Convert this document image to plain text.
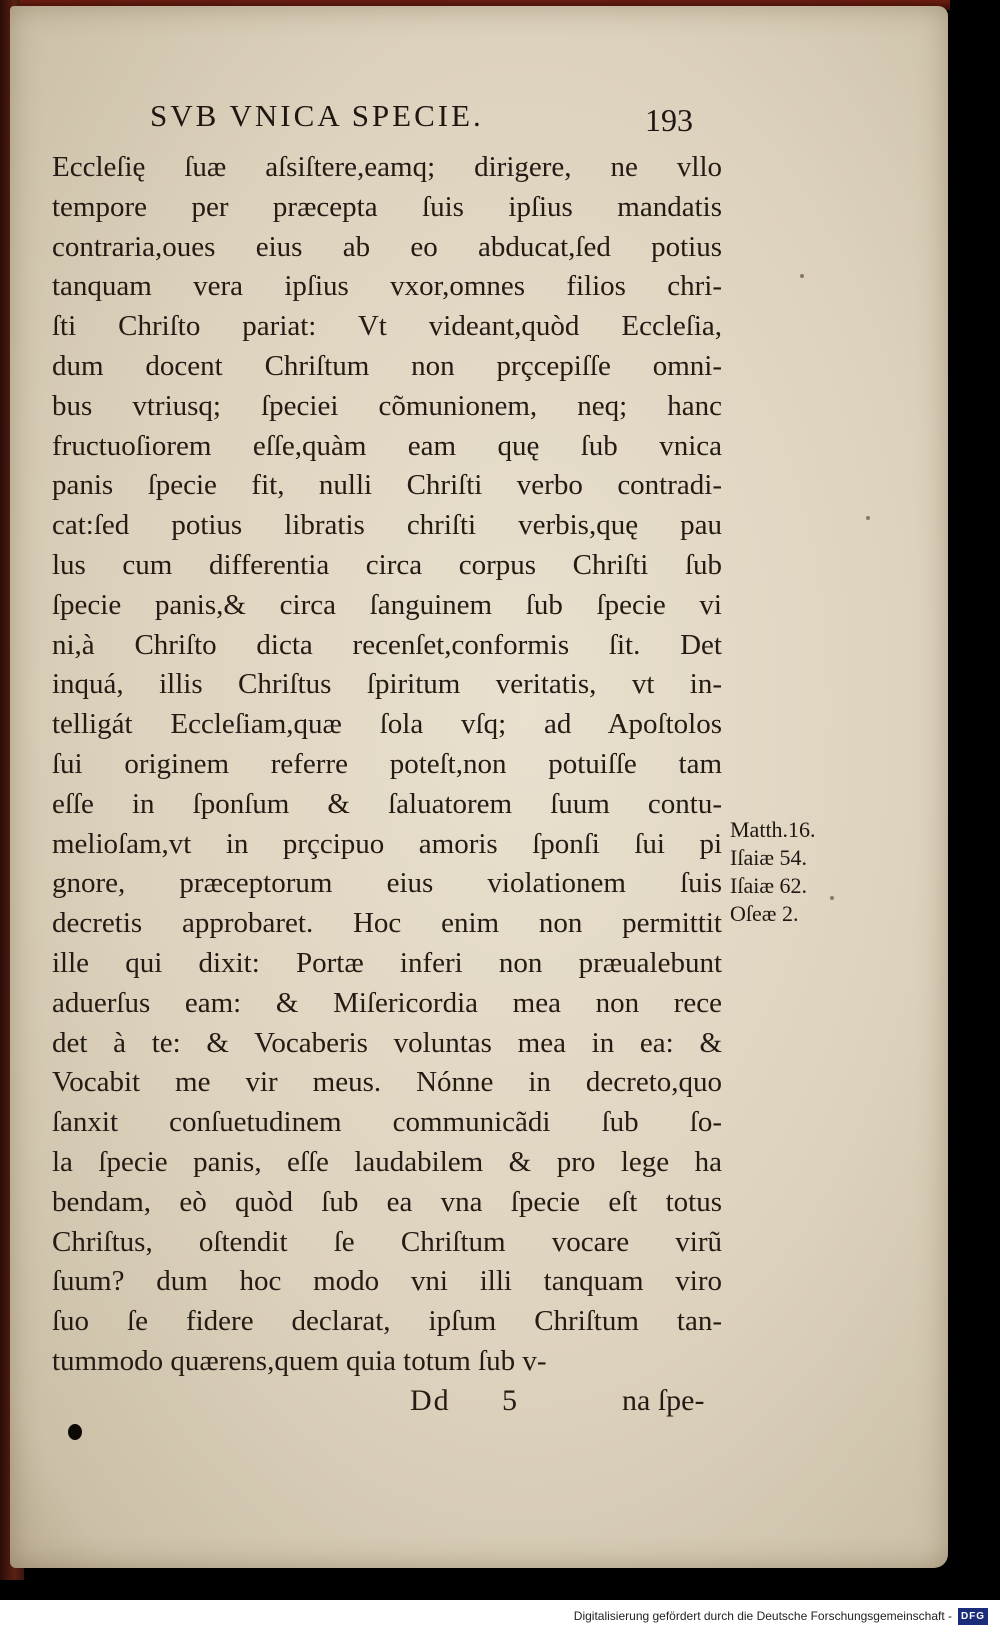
SVB VNICA SPECIE.	193
Eccleſię ſuæ aſsiſtere,eamq; dirigere, ne vllo
tempore per præcepta ſuis ipſius mandatis
contraria,oues eius ab eo abducat,ſed potius
tanquam vera ipſius vxor,omnes filios chri-
ſti Chriſto pariat: Vt videant,quòd Eccleſia,
dum docent Chriſtum non prçcepiſſe omni-
bus vtriusq; ſpeciei cõmunionem, neq; hanc
fructuoſiorem eſſe,quàm eam quę ſub vnica
panis ſpecie fit, nulli Chriſti verbo contradi-
cat:ſed potius libratis chriſti verbis,quę pau
lus cum differentia circa corpus Chriſti ſub
ſpecie panis,& circa ſanguinem ſub ſpecie vi
ni,à Chriſto dicta recenſet,conformis ſit. Det
inquá, illis Chriſtus ſpiritum veritatis, vt in-
telligát Eccleſiam,quæ ſola vſq; ad Apoſtolos
ſui originem referre poteſt,non potuiſſe tam
eſſe in ſponſum & ſaluatorem ſuum contu-
melioſam,vt in prçcipuo amoris ſponſi ſui pi
gnore, præceptorum eius violationem ſuis
decretis approbaret. Hoc enim non permittit
ille qui dixit: Portæ inferi non præualebunt
aduerſus eam: & Miſericordia mea non rece
det à te: & Vocaberis voluntas mea in ea: &
Vocabit me vir meus. Nónne in decreto,quo
ſanxit conſuetudinem communicãdi ſub ſo-
la ſpecie panis, eſſe laudabilem & pro lege ha
bendam, eò quòd ſub ea vna ſpecie eſt totus
Chriſtus, oſtendit ſe Chriſtum vocare virũ
ſuum? dum hoc modo vni illi tanquam viro
ſuo ſe fidere declarat, ipſum Chriſtum tan-
tummodo quærens,quem quia totum ſub v-
Matth.16.
Iſaiæ 54.
Iſaiæ 62.
Oſeæ 2.
Dd 5	na ſpe-
Digitalisierung gefördert durch die Deutsche Forschungsgemeinschaft - DFG
